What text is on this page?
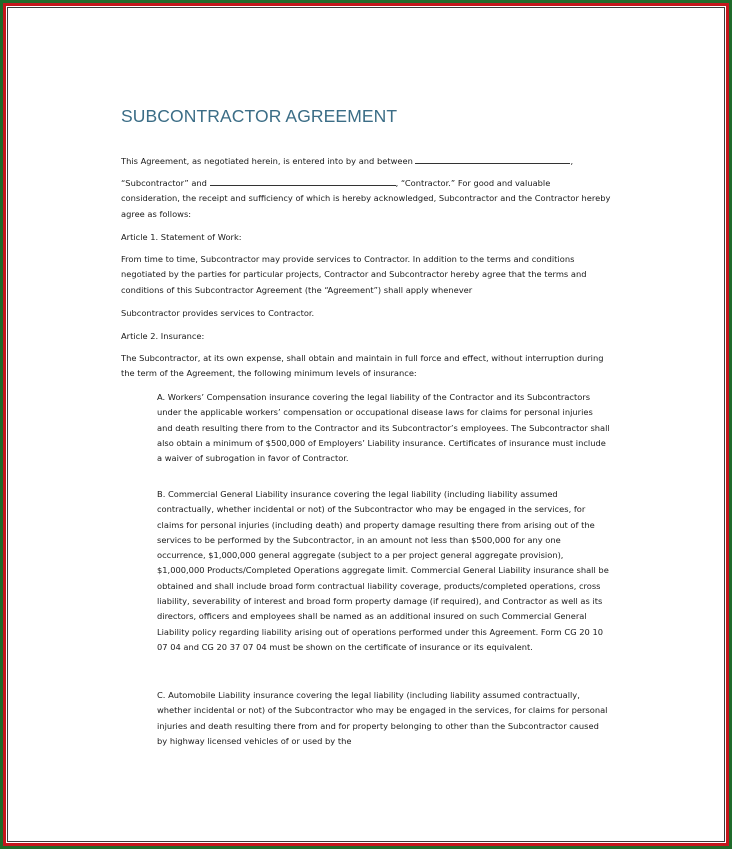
SUBCONTRACTOR AGREEMENT

This Agreement, as negotiated herein, is entered into by and between	,

“Subcontractor” and	, “Contractor.” For good and valuable consideration, the receipt and sufficiency of which is hereby acknowledged, Subcontractor and the Contractor hereby agree as follows:

Article 1. Statement of Work:

From time to time, Subcontractor may provide services to Contractor. In addition to the terms and conditions negotiated by the parties for particular projects, Contractor and Subcontractor hereby agree that the terms and conditions of this Subcontractor Agreement (the “Agreement”) shall apply whenever

Subcontractor provides services to Contractor.

Article 2. Insurance:

The Subcontractor, at its own expense, shall obtain and maintain in full force and effect, without interruption during the term of the Agreement, the following minimum levels of insurance:

A. Workers’ Compensation insurance covering the legal liability of the Contractor and its Subcontractors under the applicable workers’ compensation or occupational disease laws for claims for personal injuries and death resulting there from to the Contractor and its Subcontractor’s employees. The Subcontractor shall also obtain a minimum of $500,000 of Employers’ Liability insurance. Certificates of insurance must include a waiver of subrogation in favor of Contractor.

B. Commercial General Liability insurance covering the legal liability (including liability assumed contractually, whether incidental or not) of the Subcontractor who may be engaged in the services, for claims for personal injuries (including death) and property damage resulting there from arising out of the services to be performed by the Subcontractor, in an amount not less than $500,000 for any one occurrence, $1,000,000 general aggregate (subject to a per project general aggregate provision), $1,000,000 Products/Completed Operations aggregate limit. Commercial General Liability insurance shall be obtained and shall include broad form contractual liability coverage, products/completed operations, cross liability, severability of interest and broad form property damage (if required), and Contractor as well as its directors, officers and employees shall be named as an additional insured on such Commercial General Liability policy regarding liability arising out of operations performed under this Agreement. Form CG 20 10 07 04 and CG 20 37 07 04 must be shown on the certificate of insurance or its equivalent.

C. Automobile Liability insurance covering the legal liability (including liability assumed contractually, whether incidental or not) of the Subcontractor who may be engaged in the services, for claims for personal injuries and death resulting there from and for property belonging to other than the Subcontractor caused by highway licensed vehicles of or used by the
